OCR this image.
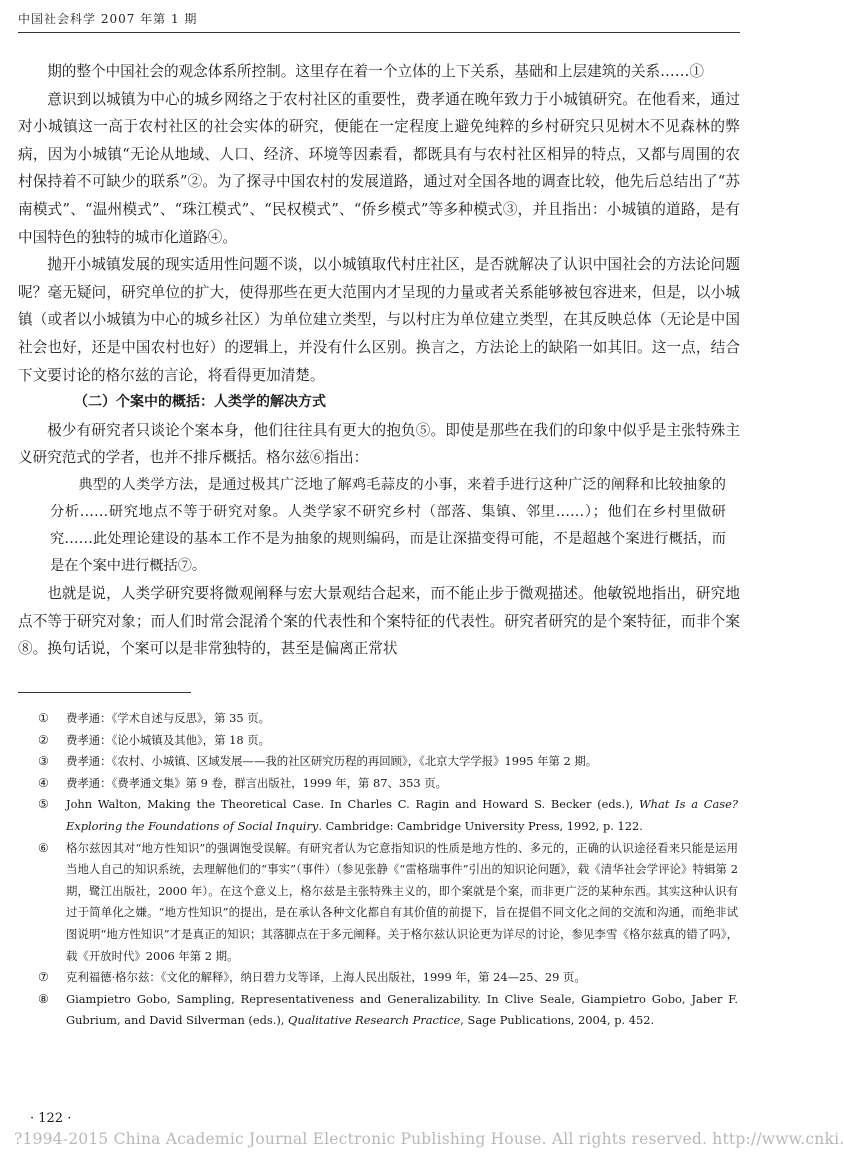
中国社会科学 2007 年第 1 期

期的整个中国社会的观念体系所控制。这里存在着一个立体的上下关系，基础和上层建筑的关系……①

意识到以城镇为中心的城乡网络之于农村社区的重要性，费孝通在晚年致力于小城镇研究。在他看来，通过对小城镇这一高于农村社区的社会实体的研究，便能在一定程度上避免纯粹的乡村研究只见树木不见森林的弊病，因为小城镇“无论从地域、人口、经济、环境等因素看，都既具有与农村社区相异的特点，又都与周围的农村保持着不可缺少的联系”②。为了探寻中国农村的发展道路，通过对全国各地的调查比较，他先后总结出了“苏南模式”、“温州模式”、“珠江模式”、“民权模式”、“侨乡模式”等多种模式③，并且指出：小城镇的道路，是有中国特色的独特的城市化道路④。

抛开小城镇发展的现实适用性问题不谈，以小城镇取代村庄社区，是否就解决了认识中国社会的方法论问题呢？毫无疑问，研究单位的扩大，使得那些在更大范围内才呈现的力量或者关系能够被包容进来，但是，以小城镇（或者以小城镇为中心的城乡社区）为单位建立类型，与以村庄为单位建立类型，在其反映总体（无论是中国社会也好，还是中国农村也好）的逻辑上，并没有什么区别。换言之，方法论上的缺陷一如其旧。这一点，结合下文要讨论的格尔兹的言论，将看得更加清楚。

（二）个案中的概括：人类学的解决方式

极少有研究者只谈论个案本身，他们往往具有更大的抱负⑤。即使是那些在我们的印象中似乎是主张特殊主义研究范式的学者，也并不排斥概括。格尔兹⑥指出：

典型的人类学方法，是通过极其广泛地了解鸡毛蒜皮的小事，来着手进行这种广泛的阐释和比较抽象的分析……研究地点不等于研究对象。人类学家不研究乡村（部落、集镇、邻里……）；他们在乡村里做研究……此处理论建设的基本工作不是为抽象的规则编码，而是让深描变得可能，不是超越个案进行概括，而是在个案中进行概括⑦。

也就是说，人类学研究要将微观阐释与宏大景观结合起来，而不能止步于微观描述。他敏锐地指出，研究地点不等于研究对象；而人们时常会混淆个案的代表性和个案特征的代表性。研究者研究的是个案特征，而非个案⑧。换句话说，个案可以是非常独特的，甚至是偏离正常状

①	费孝通：《学术自述与反思》，第 35 页。
②	费孝通：《论小城镇及其他》，第 18 页。
③	费孝通：《农村、小城镇、区域发展——我的社区研究历程的再回顾》，《北京大学学报》1995 年第 2 期。
④	费孝通：《费孝通文集》第 9 卷，群言出版社，1999 年，第 87、353 页。
⑤	John Walton, Making the Theoretical Case. In Charles C. Ragin and Howard S. Becker (eds.), What Is a Case? Exploring the Foundations of Social Inquiry. Cambridge: Cambridge University Press, 1992, p. 122.
⑥	格尔兹因其对“地方性知识”的强调饱受误解。有研究者认为它意指知识的性质是地方性的、多元的，正确的认识途径看来只能是运用当地人自己的知识系统，去理解他们的“事实”（事件）（参见张静《“雷格瑞事件”引出的知识论问题》，载《清华社会学评论》特辑第 2 期，鹭江出版社，2000 年）。在这个意义上，格尔兹是主张特殊主义的，即个案就是个案，而非更广泛的某种东西。其实这种认识有过于简单化之嫌。“地方性知识”的提出，是在承认各种文化都自有其价值的前提下，旨在提倡不同文化之间的交流和沟通，而绝非试图说明“地方性知识”才是真正的知识；其落脚点在于多元阐释。关于格尔兹认识论更为详尽的讨论，参见李雪《格尔兹真的错了吗》，载《开放时代》2006 年第 2 期。
⑦	克利福德·格尔兹：《文化的解释》，纳日碧力戈等译，上海人民出版社，1999 年，第 24—25、29 页。
⑧	Giampietro Gobo, Sampling, Representativeness and Generalizability. In Clive Seale, Giampietro Gobo, Jaber F. Gubrium, and David Silverman (eds.), Qualitative Research Practice, Sage Publications, 2004, p. 452.
· 122 ·
?1994-2015 China Academic Journal Electronic Publishing House. All rights reserved. http://www.cnki.
